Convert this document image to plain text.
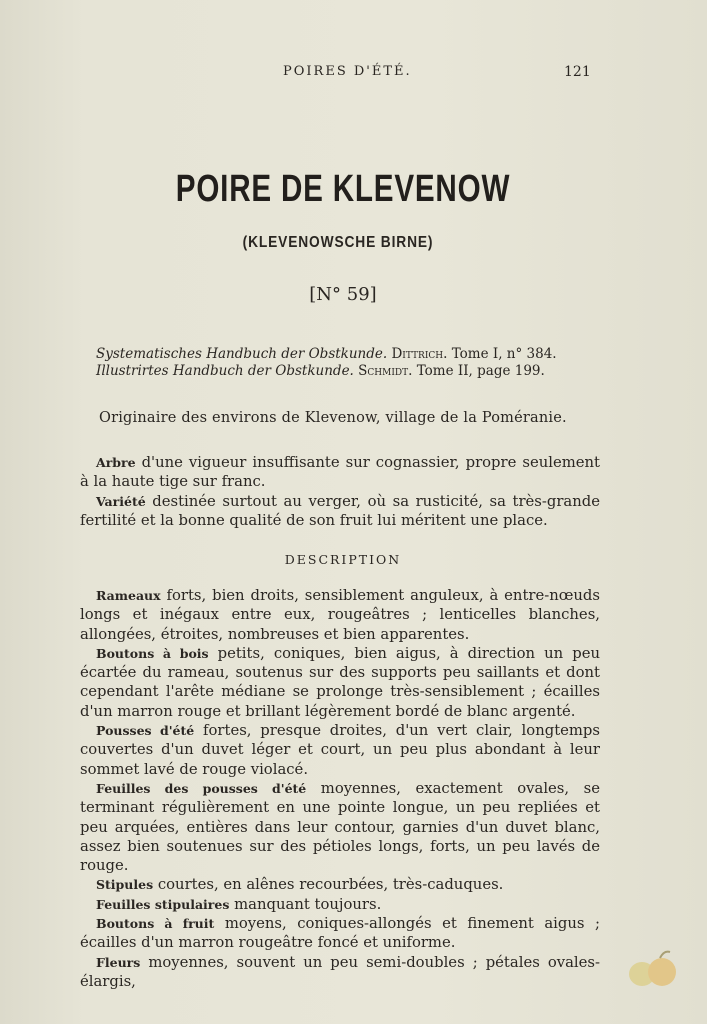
POIRES D'ÉTÉ.	121
POIRE DE KLEVENOW
(KLEVENOWSCHE BIRNE)
[N° 59]
Systematisches Handbuch der Obstkunde. Dittrich. Tome I, n° 384.
Illustrirtes Handbuch der Obstkunde. Schmidt. Tome II, page 199.
Originaire des environs de Klevenow, village de la Poméranie.
Arbre d'une vigueur insuffisante sur cognassier, propre seulement à la haute tige sur franc.
Variété destinée surtout au verger, où sa rusticité, sa très-grande fertilité et la bonne qualité de son fruit lui méritent une place.
DESCRIPTION
Rameaux forts, bien droits, sensiblement anguleux, à entre-nœuds longs et inégaux entre eux, rougeâtres ; lenticelles blanches, allongées, étroites, nombreuses et bien apparentes.
Boutons à bois petits, coniques, bien aigus, à direction un peu écartée du rameau, soutenus sur des supports peu saillants et dont cependant l'arête médiane se prolonge très-sensiblement ; écailles d'un marron rouge et brillant légèrement bordé de blanc argenté.
Pousses d'été fortes, presque droites, d'un vert clair, longtemps couvertes d'un duvet léger et court, un peu plus abondant à leur sommet lavé de rouge violacé.
Feuilles des pousses d'été moyennes, exactement ovales, se terminant régulièrement en une pointe longue, un peu repliées et peu arquées, entières dans leur contour, garnies d'un duvet blanc, assez bien soutenues sur des pétioles longs, forts, un peu lavés de rouge.
Stipules courtes, en alênes recourbées, très-caduques.
Feuilles stipulaires manquant toujours.
Boutons à fruit moyens, coniques-allongés et finement aigus ; écailles d'un marron rougeâtre foncé et uniforme.
Fleurs moyennes, souvent un peu semi-doubles ; pétales ovales-élargis,
